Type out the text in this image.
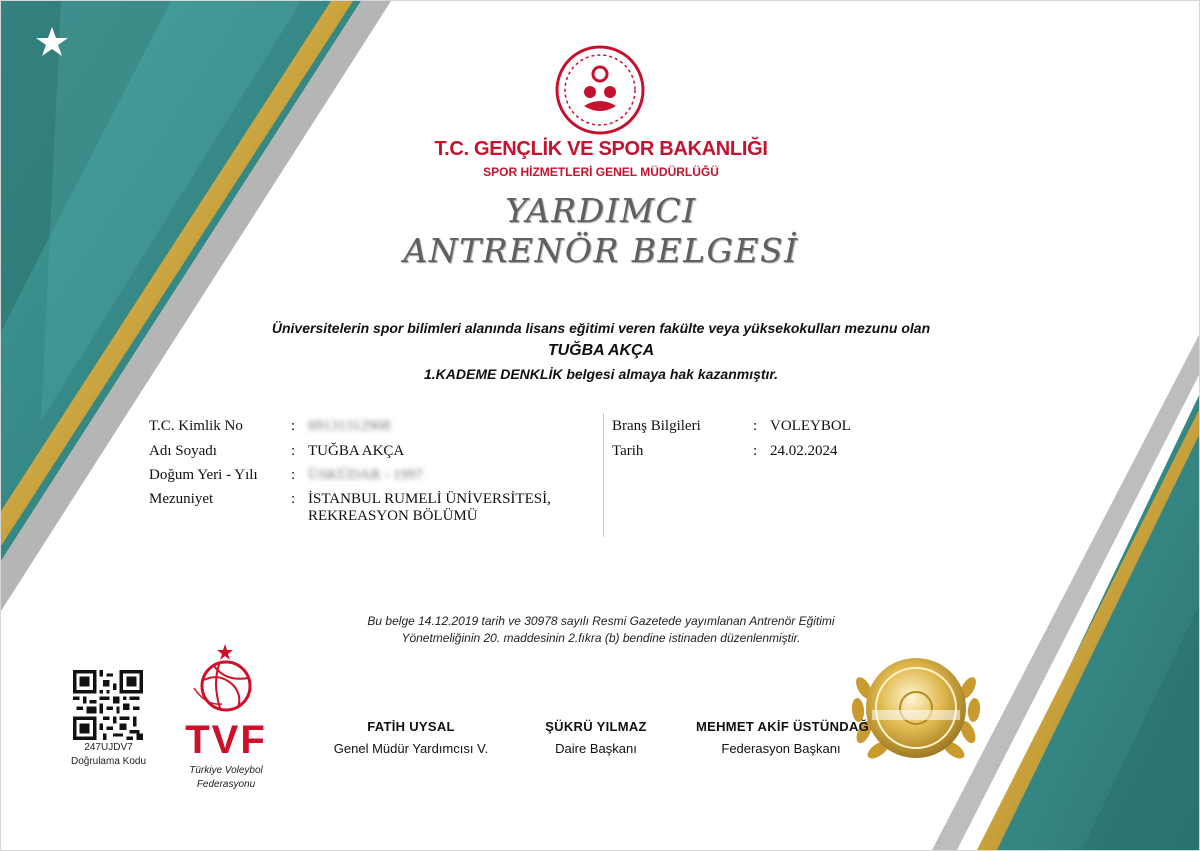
T.C. GENÇLİK VE SPOR BAKANLIĞI
SPOR HİZMETLERİ GENEL MÜDÜRLÜĞÜ
YARDIMCI
ANTRENÖR BELGESİ
Üniversitelerin spor bilimleri alanında lisans eğitimi veren fakülte veya yüksekokulları mezunu olan
TUĞBA AKÇA
1.KADEME DENKLİK belgesi almaya hak kazanmıştır.
T.C. Kimlik No	: 69131312908
Adı Soyadı	: TUĞBA AKÇA
Doğum Yeri - Yılı : ÜSKÜDAR - 1997
Mezuniyet	: İSTANBUL RUMELİ ÜNİVERSİTESİ,
REKREASYON BÖLÜMÜ
Branş Bilgileri	: VOLEYBOL
Tarih	: 24.02.2024
Bu belge 14.12.2019 tarih ve 30978 sayılı Resmi Gazetede yayımlanan Antrenör Eğitimi
Yönetmeliğinin 20. maddesinin 2.fıkra (b) bendine istinaden düzenlenmiştir.
247UJDV7
Doğrulama Kodu TVF
Türkiye Voleybol
Federasyonu
FATİH UYSAL
Genel Müdür Yardımcısı V.
ŞÜKRÜ YILMAZ
Daire Başkanı
MEHMET AKİF ÜSTÜNDAĞ
Federasyon Başkanı
